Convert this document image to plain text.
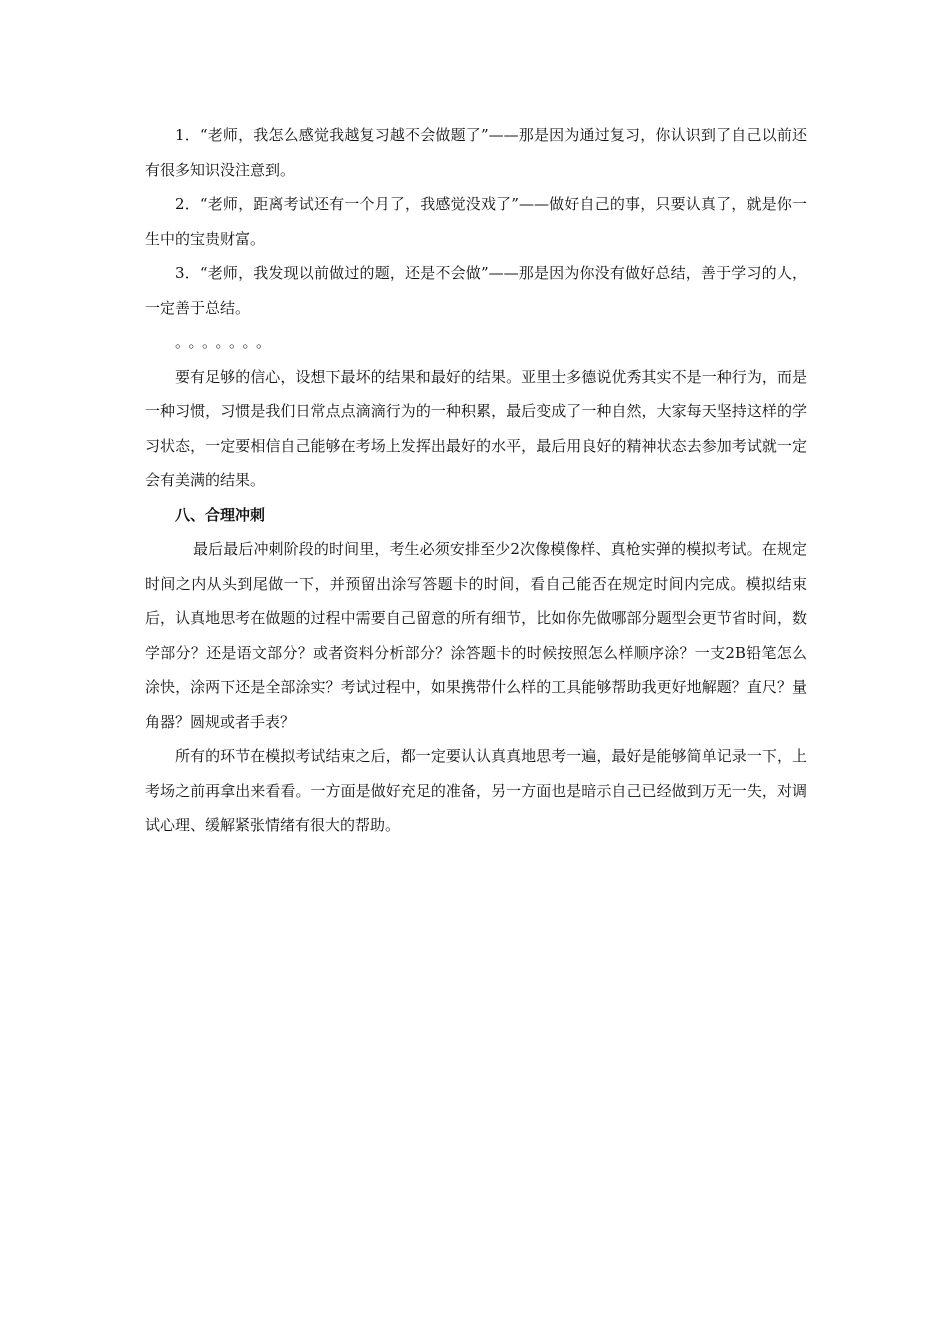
1．“老师，我怎么感觉我越复习越不会做题了”——那是因为通过复习，你认识到了自己以前还有很多知识没注意到。

2．“老师，距离考试还有一个月了，我感觉没戏了”——做好自己的事，只要认真了，就是你一生中的宝贵财富。

3．“老师，我发现以前做过的题，还是不会做”——那是因为你没有做好总结，善于学习的人，一定善于总结。

。。。。。。。

要有足够的信心，设想下最坏的结果和最好的结果。亚里士多德说优秀其实不是一种行为，而是一种习惯，习惯是我们日常点点滴滴行为的一种积累，最后变成了一种自然，大家每天坚持这样的学习状态，一定要相信自己能够在考场上发挥出最好的水平，最后用良好的精神状态去参加考试就一定会有美满的结果。

八、合理冲刺

最后最后冲刺阶段的时间里，考生必须安排至少2次像模像样、真枪实弹的模拟考试。在规定时间之内从头到尾做一下，并预留出涂写答题卡的时间，看自己能否在规定时间内完成。模拟结束后，认真地思考在做题的过程中需要自己留意的所有细节，比如你先做哪部分题型会更节省时间，数学部分？还是语文部分？或者资料分析部分？涂答题卡的时候按照怎么样顺序涂？一支2B铅笔怎么涂快，涂两下还是全部涂实？考试过程中，如果携带什么样的工具能够帮助我更好地解题？直尺？量角器？圆规或者手表？

所有的环节在模拟考试结束之后，都一定要认认真真地思考一遍，最好是能够简单记录一下，上考场之前再拿出来看看。一方面是做好充足的准备，另一方面也是暗示自己已经做到万无一失，对调试心理、缓解紧张情绪有很大的帮助。
